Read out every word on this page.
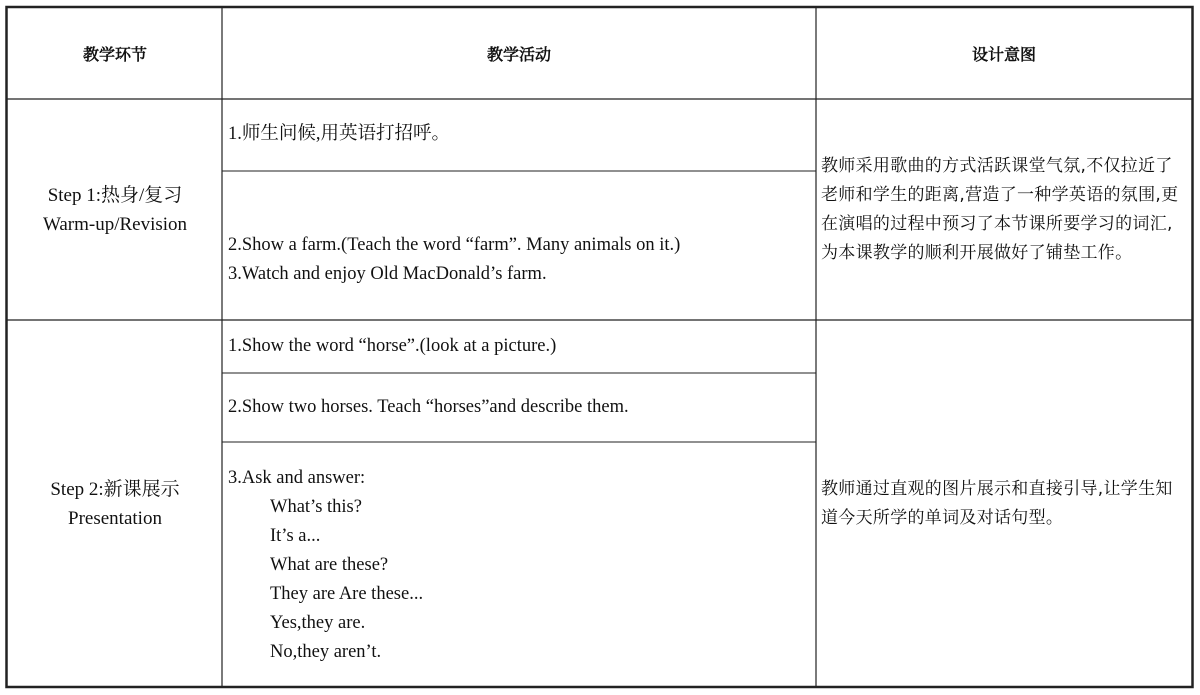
教学环节	教学活动	设计意图
Step 1:热身/复习
Warm-up/Revision
1.师生问候,用英语打招呼。
2.Show a farm.(Teach the word “farm”. Many animals on it.)
3.Watch and enjoy Old MacDonald’s farm.
教师采用歌曲的方式活跃课堂气氛,不仅拉近了老师和学生的距离,营造了一种学英语的氛围,更在演唱的过程中预习了本节课所要学习的词汇,为本课教学的顺利开展做好了铺垫工作。
Step 2:新课展示
Presentation
1.Show the word “horse”.(look at a picture.)
2.Show two horses. Teach “horses”and describe them.
3.Ask and answer:
What’s this?
It’s a...
What are these?
They are Are these...
Yes,they are.
No,they aren’t.
教师通过直观的图片展示和直接引导,让学生知道今天所学的单词及对话句型。
